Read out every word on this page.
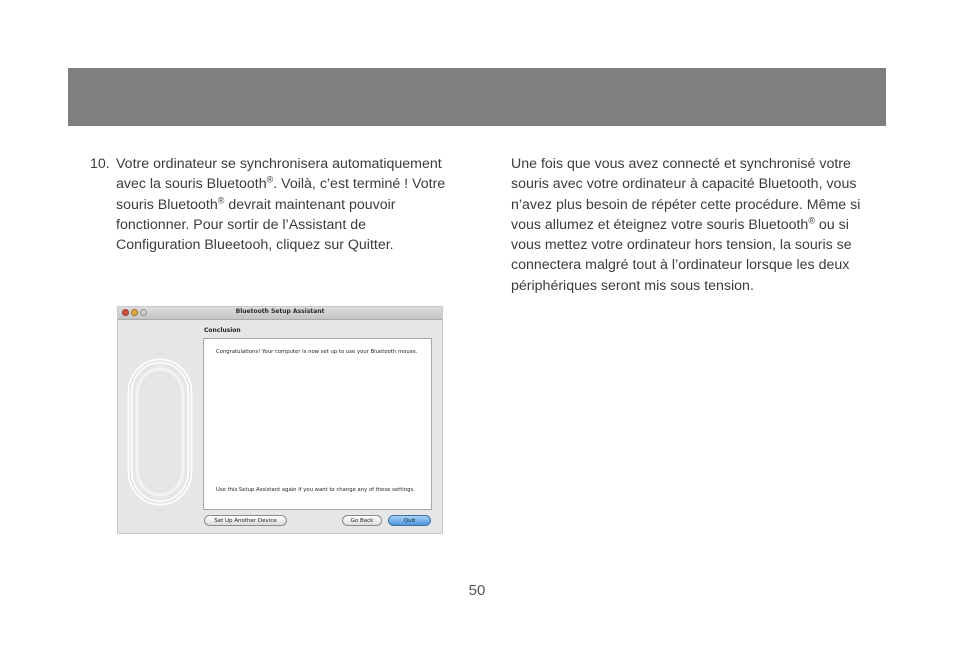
10. Votre ordinateur se synchronisera automatiquement avec la souris Bluetooth®. Voilà, c’est terminé ! Votre souris Bluetooth® devrait maintenant pouvoir fonctionner. Pour sortir de l’Assistant de Configuration Blueetooh, cliquez sur Quitter.
Bluetooth Setup Assistant
Conclusion
Congratulations! Your computer is now set up to use your Bluetooth mouse.
Use this Setup Assistant again if you want to change any of these settings.
Set Up Another Device	Go Back	Quit
Une fois que vous avez connecté et synchronisé votre souris avec votre ordinateur à capacité Bluetooth, vous n’avez plus besoin de répéter cette procédure. Même si vous allumez et éteignez votre souris Bluetooth® ou si vous mettez votre ordinateur hors tension, la souris se connectera malgré tout à l’ordinateur lorsque les deux périphériques seront mis sous tension.
50
